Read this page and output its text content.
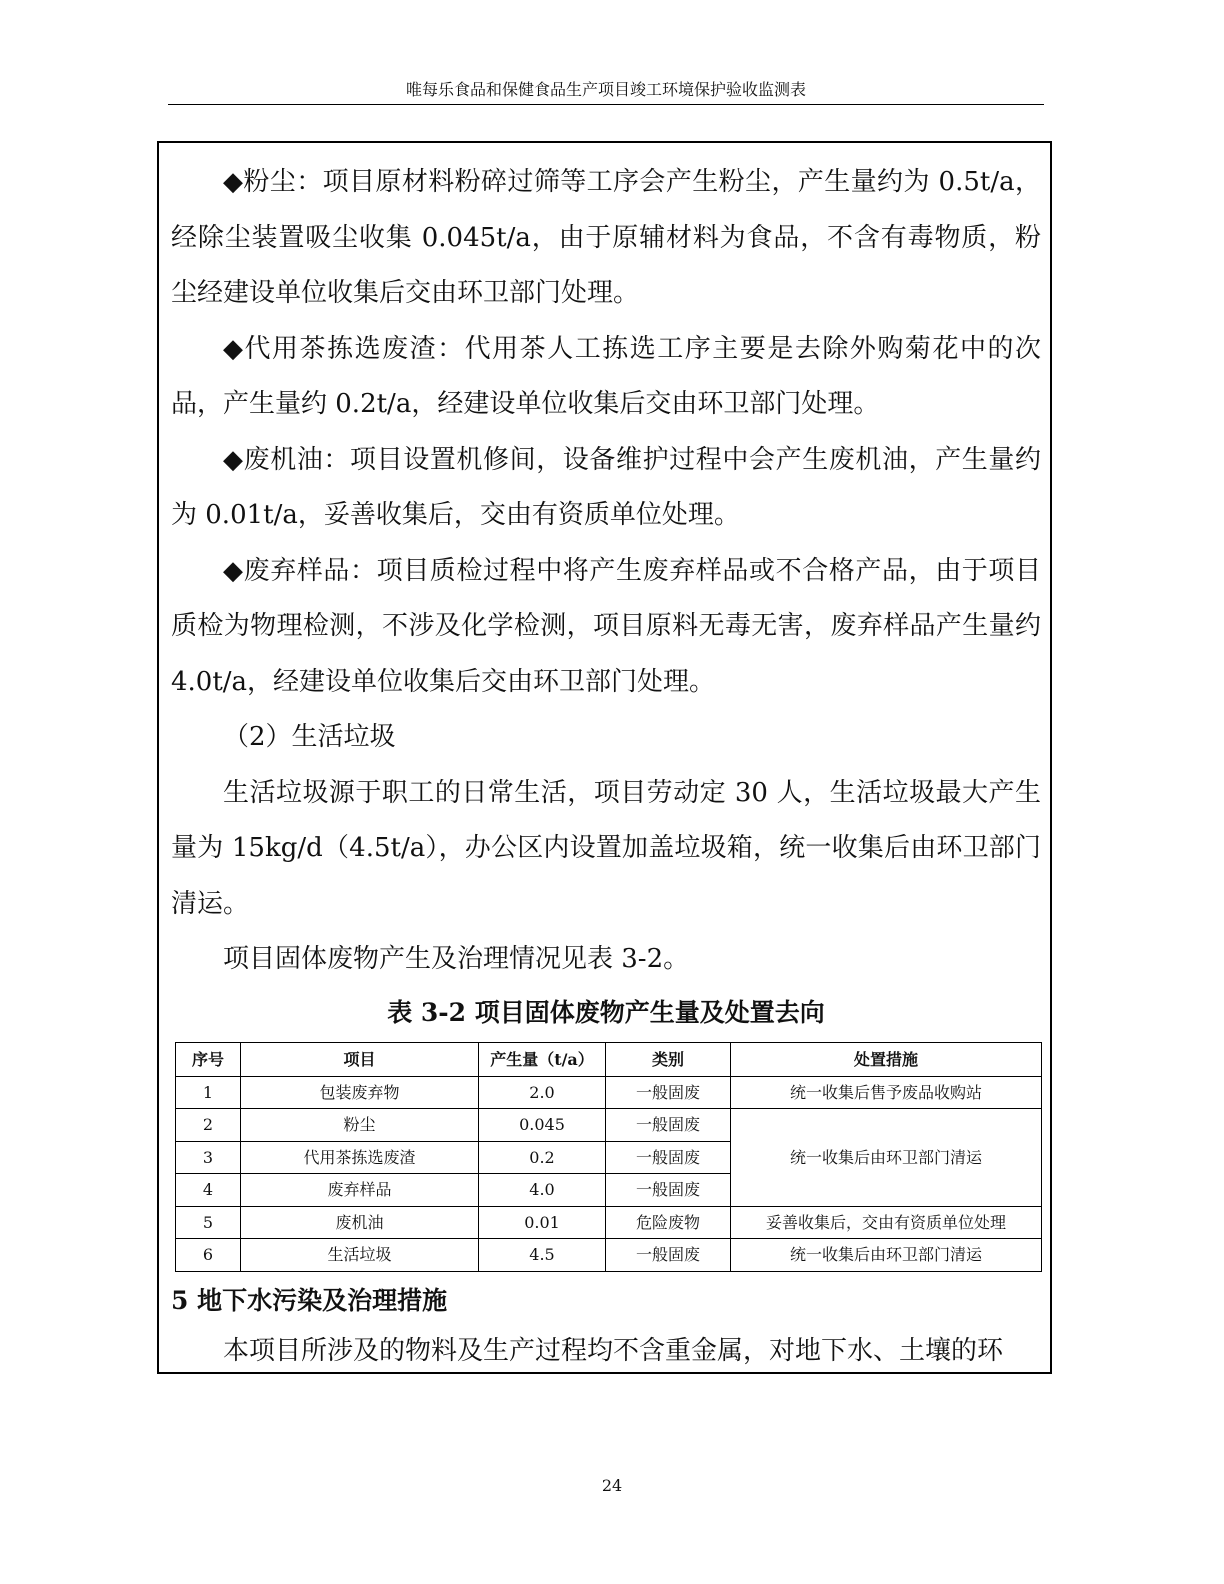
唯每乐食品和保健食品生产项目竣工环境保护验收监测表

◆粉尘：项目原材料粉碎过筛等工序会产生粉尘，产生量约为 0.5t/a，经除尘装置吸尘收集 0.045t/a，由于原辅材料为食品，不含有毒物质，粉尘经建设单位收集后交由环卫部门处理。

◆代用茶拣选废渣：代用茶人工拣选工序主要是去除外购菊花中的次品，产生量约 0.2t/a，经建设单位收集后交由环卫部门处理。

◆废机油：项目设置机修间，设备维护过程中会产生废机油，产生量约为 0.01t/a，妥善收集后，交由有资质单位处理。

◆废弃样品：项目质检过程中将产生废弃样品或不合格产品，由于项目质检为物理检测，不涉及化学检测，项目原料无毒无害，废弃样品产生量约 4.0t/a，经建设单位收集后交由环卫部门处理。

（2）生活垃圾

生活垃圾源于职工的日常生活，项目劳动定 30 人，生活垃圾最大产生量为 15kg/d（4.5t/a），办公区内设置加盖垃圾箱，统一收集后由环卫部门清运。

项目固体废物产生及治理情况见表 3-2。

表 3-2 项目固体废物产生量及处置去向

序号	项目	产生量（t/a）	类别	处置措施
1	包装废弃物	2.0	一般固废	统一收集后售予废品收购站
2	粉尘	0.045	一般固废	统一收集后由环卫部门清运
3	代用茶拣选废渣	0.2	一般固废	
4	废弃样品	4.0	一般固废	
5	废机油	0.01	危险废物	妥善收集后，交由有资质单位处理
6	生活垃圾	4.5	一般固废	统一收集后由环卫部门清运

5 地下水污染及治理措施

本项目所涉及的物料及生产过程均不含重金属，对地下水、土壤的环

24
